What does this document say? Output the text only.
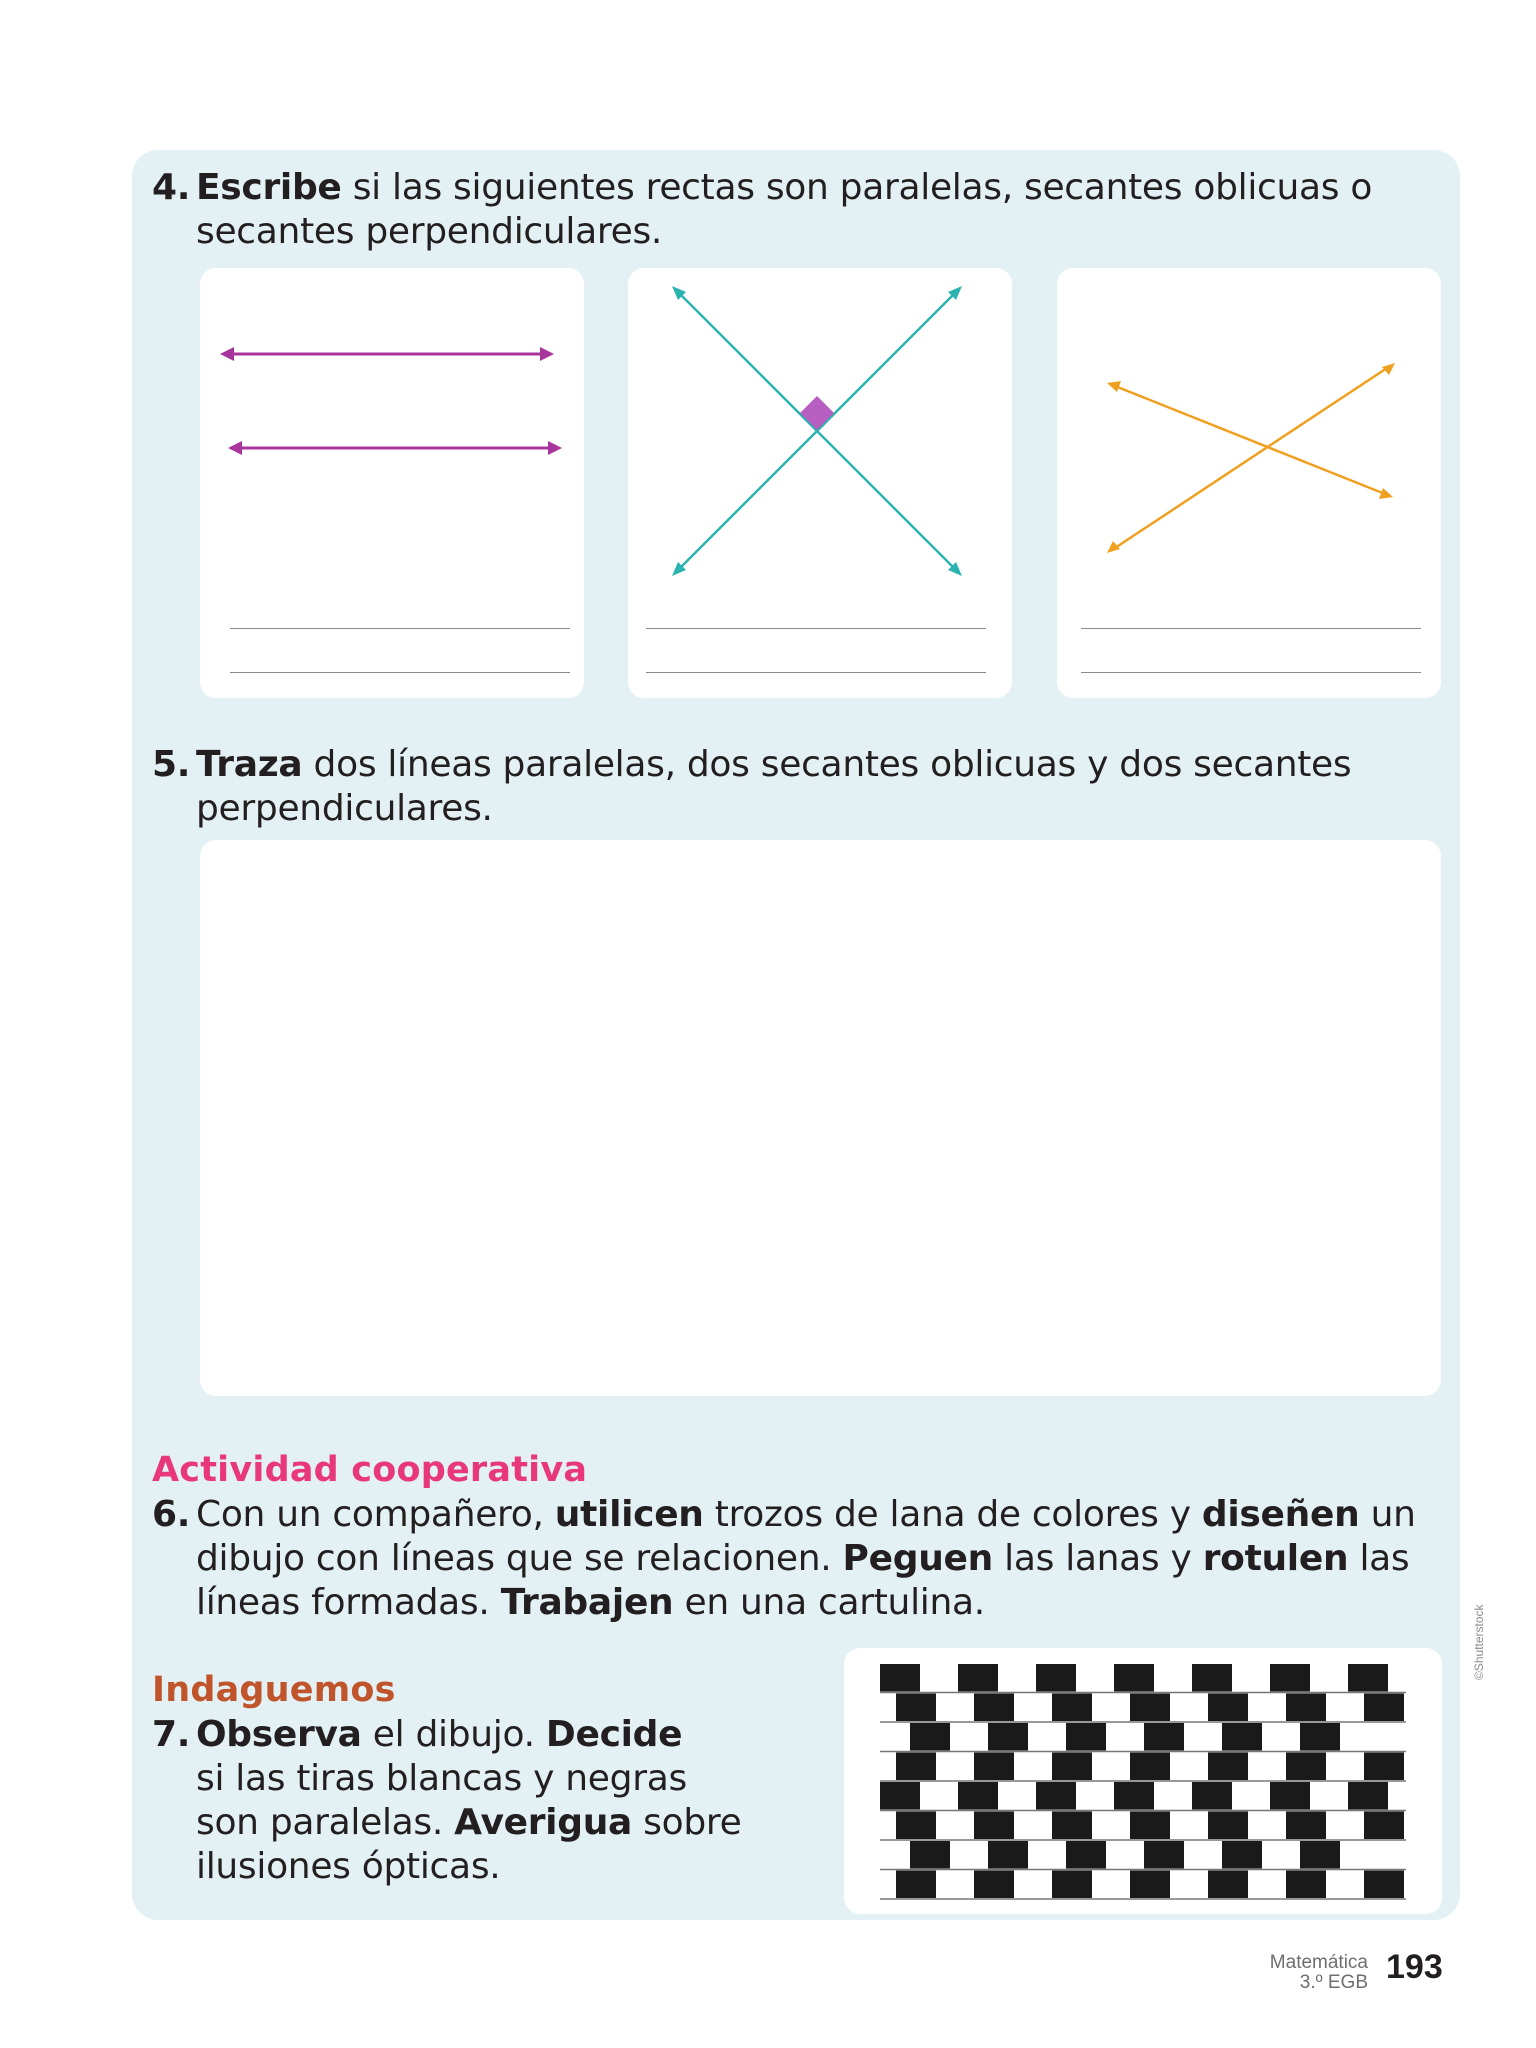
4. Escribe si las siguientes rectas son paralelas, secantes oblicuas o
secantes perpendiculares.
5. Traza dos líneas paralelas, dos secantes oblicuas y dos secantes
perpendiculares.
Actividad cooperativa
6. Con un compañero, utilicen trozos de lana de colores y diseñen un
dibujo con líneas que se relacionen. Peguen las lanas y rotulen las
líneas formadas. Trabajen en una cartulina.
Indaguemos
7. Observa el dibujo. Decide
si las tiras blancas y negras
son paralelas. Averigua sobre
ilusiones ópticas.
©Shutterstock
Matemática
3.º EGB 193
